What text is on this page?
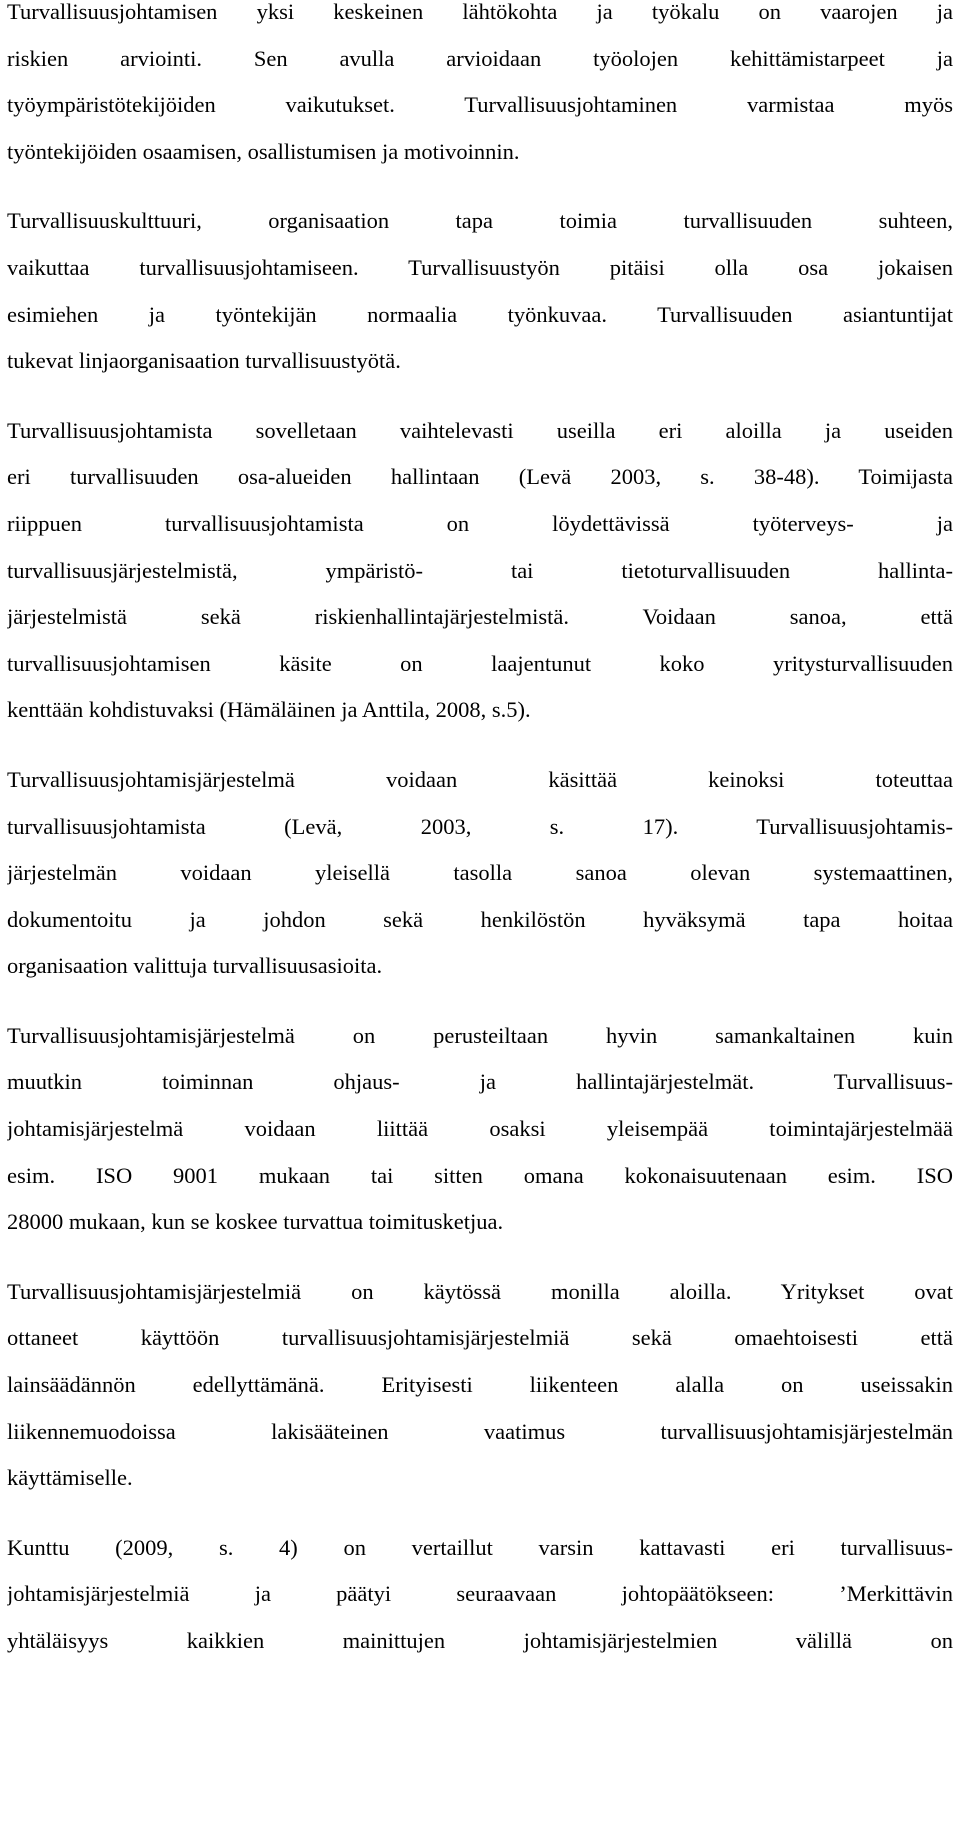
Turvallisuusjohtamisen yksi keskeinen lähtökohta ja työkalu on vaarojen ja
riskien arviointi. Sen avulla arvioidaan työolojen kehittämistarpeet ja
työympäristötekijöiden vaikutukset. Turvallisuusjohtaminen varmistaa myös
työntekijöiden osaamisen, osallistumisen ja motivoinnin.
Turvallisuuskulttuuri, organisaation tapa toimia turvallisuuden suhteen,
vaikuttaa turvallisuusjohtamiseen. Turvallisuustyön pitäisi olla osa jokaisen
esimiehen ja työntekijän normaalia työnkuvaa. Turvallisuuden asiantuntijat
tukevat linjaorganisaation turvallisuustyötä.
Turvallisuusjohtamista sovelletaan vaihtelevasti useilla eri aloilla ja useiden
eri turvallisuuden osa-alueiden hallintaan (Levä 2003, s. 38-48). Toimijasta
riippuen turvallisuusjohtamista on löydettävissä työterveys- ja
turvallisuusjärjestelmistä, ympäristö- tai tietoturvallisuuden hallinta-
järjestelmistä sekä riskienhallintajärjestelmistä. Voidaan sanoa, että
turvallisuusjohtamisen käsite on laajentunut koko yritysturvallisuuden
kenttään kohdistuvaksi (Hämäläinen ja Anttila, 2008, s.5).
Turvallisuusjohtamisjärjestelmä voidaan käsittää keinoksi toteuttaa
turvallisuusjohtamista (Levä, 2003, s. 17). Turvallisuusjohtamis-
järjestelmän voidaan yleisellä tasolla sanoa olevan systemaattinen,
dokumentoitu ja johdon sekä henkilöstön hyväksymä tapa hoitaa
organisaation valittuja turvallisuusasioita.
Turvallisuusjohtamisjärjestelmä on perusteiltaan hyvin samankaltainen kuin
muutkin toiminnan ohjaus- ja hallintajärjestelmät. Turvallisuus-
johtamisjärjestelmä voidaan liittää osaksi yleisempää toimintajärjestelmää
esim. ISO 9001 mukaan tai sitten omana kokonaisuutenaan esim. ISO
28000 mukaan, kun se koskee turvattua toimitusketjua.
Turvallisuusjohtamisjärjestelmiä on käytössä monilla aloilla. Yritykset ovat
ottaneet käyttöön turvallisuusjohtamisjärjestelmiä sekä omaehtoisesti että
lainsäädännön edellyttämänä. Erityisesti liikenteen alalla on useissakin
liikennemuodoissa lakisääteinen vaatimus turvallisuusjohtamisjärjestelmän
käyttämiselle.
Kunttu (2009, s. 4) on vertaillut varsin kattavasti eri turvallisuus-
johtamisjärjestelmiä ja päätyi seuraavaan johtopäätökseen: ’Merkittävin
yhtäläisyys kaikkien mainittujen johtamisjärjestelmien välillä on
